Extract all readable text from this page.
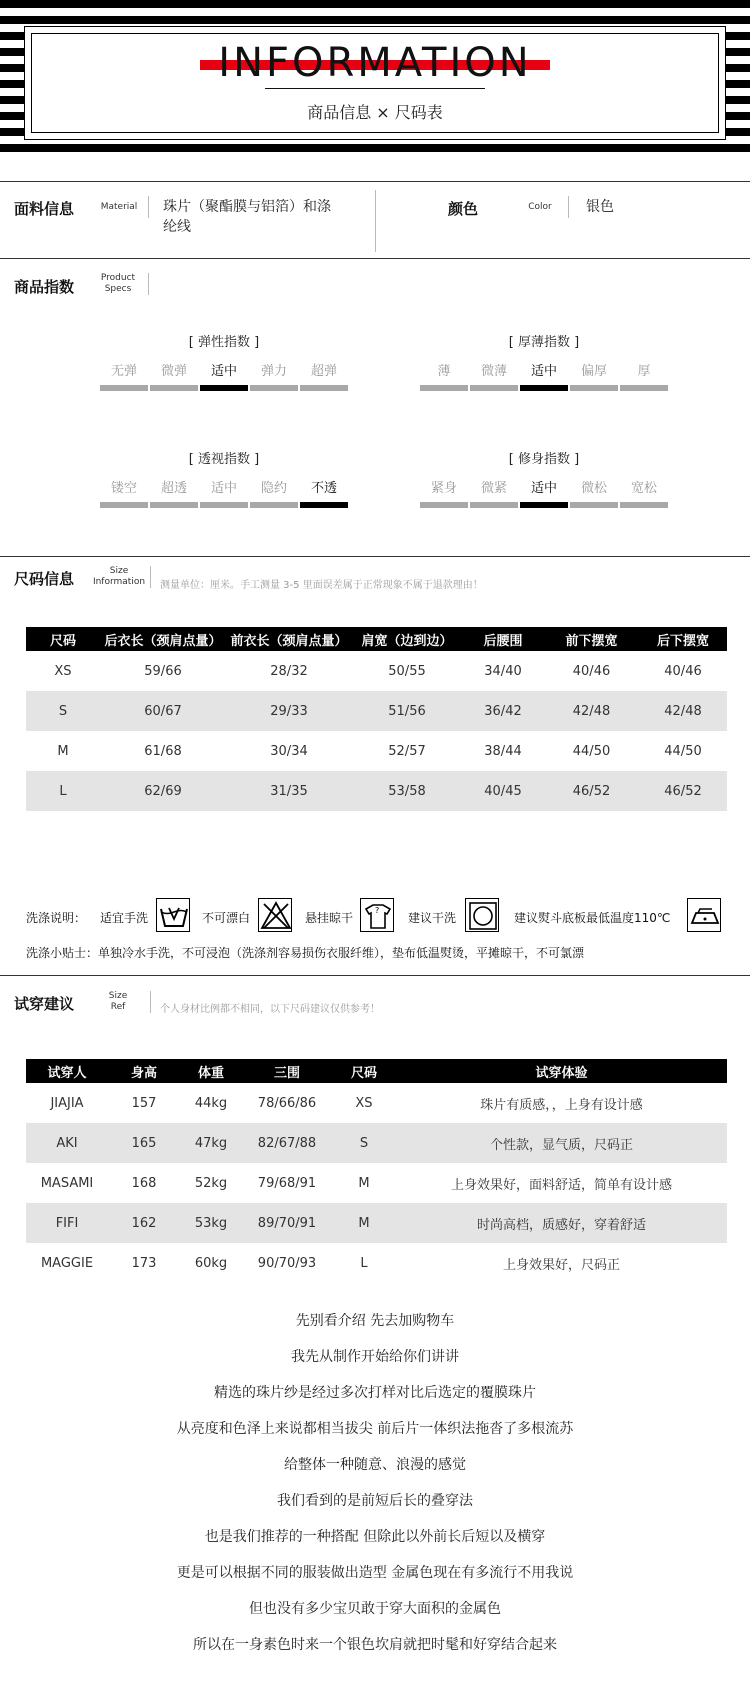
INFORMATION
商品信息 × 尺码表
面料信息	Material 珠片（聚酯膜与铝箔）和涤
纶线
颜色	Color	银色
商品指数	Product
Specs
[ 弹性指数 ]
无弹	微弹	适中	弹力	超弹
[ 厚薄指数 ]
薄	微薄	适中	偏厚	厚
[ 透视指数 ]
镂空	超透	适中	隐约	不透
[ 修身指数 ]
紧身	微紧	适中	微松	宽松
尺码信息	Size
Information 测量单位：厘米。手工测量 3-5 里面误差属于正常现象不属于退款理由！
尺码	后衣长（颈肩点量）	前衣长（颈肩点量）	肩宽（边到边）	后腰围	前下摆宽	后下摆宽
XS	59/66	28/32	50/55	34/40	40/46	40/46
S	60/67	29/33	51/56	36/42	42/48	42/48
M	61/68	30/34	52/57	38/44	44/50	44/50
L	62/69	31/35	53/58	40/45	46/52	46/52
洗涤说明： 适宜手洗	不可漂白	悬挂晾干
?
建议干洗	建议熨斗底板最低温度110℃
洗涤小贴士：单独冷水手洗，不可浸泡（洗涤剂容易损伤衣服纤维），垫布低温熨烫，平摊晾干，不可氯漂
试穿建议	Size
Ref	个人身材比例都不相同，以下尺码建议仅供参考！
试穿人	身高	体重	三围	尺码	试穿体验
JIAJIA	157	44kg	78/66/86	XS	珠片有质感，，上身有设计感
AKI	165	47kg	82/67/88	S	个性款，显气质，尺码正
MASAMI	168	52kg	79/68/91	M	上身效果好，面料舒适，简单有设计感
FIFI	162	53kg	89/70/91	M	时尚高档，质感好，穿着舒适
MAGGIE	173	60kg	90/70/93	L	上身效果好，尺码正
先别看介绍 先去加购物车
我先从制作开始给你们讲讲
精选的珠片纱是经过多次打样对比后选定的覆膜珠片
从亮度和色泽上来说都相当拔尖 前后片一体织法拖沓了多根流苏
给整体一种随意、浪漫的感觉
我们看到的是前短后长的叠穿法
也是我们推荐的一种搭配 但除此以外前长后短以及横穿
更是可以根据不同的服装做出造型 金属色现在有多流行不用我说
但也没有多少宝贝敢于穿大面积的金属色
所以在一身素色时来一个银色坎肩就把时髦和好穿结合起来
